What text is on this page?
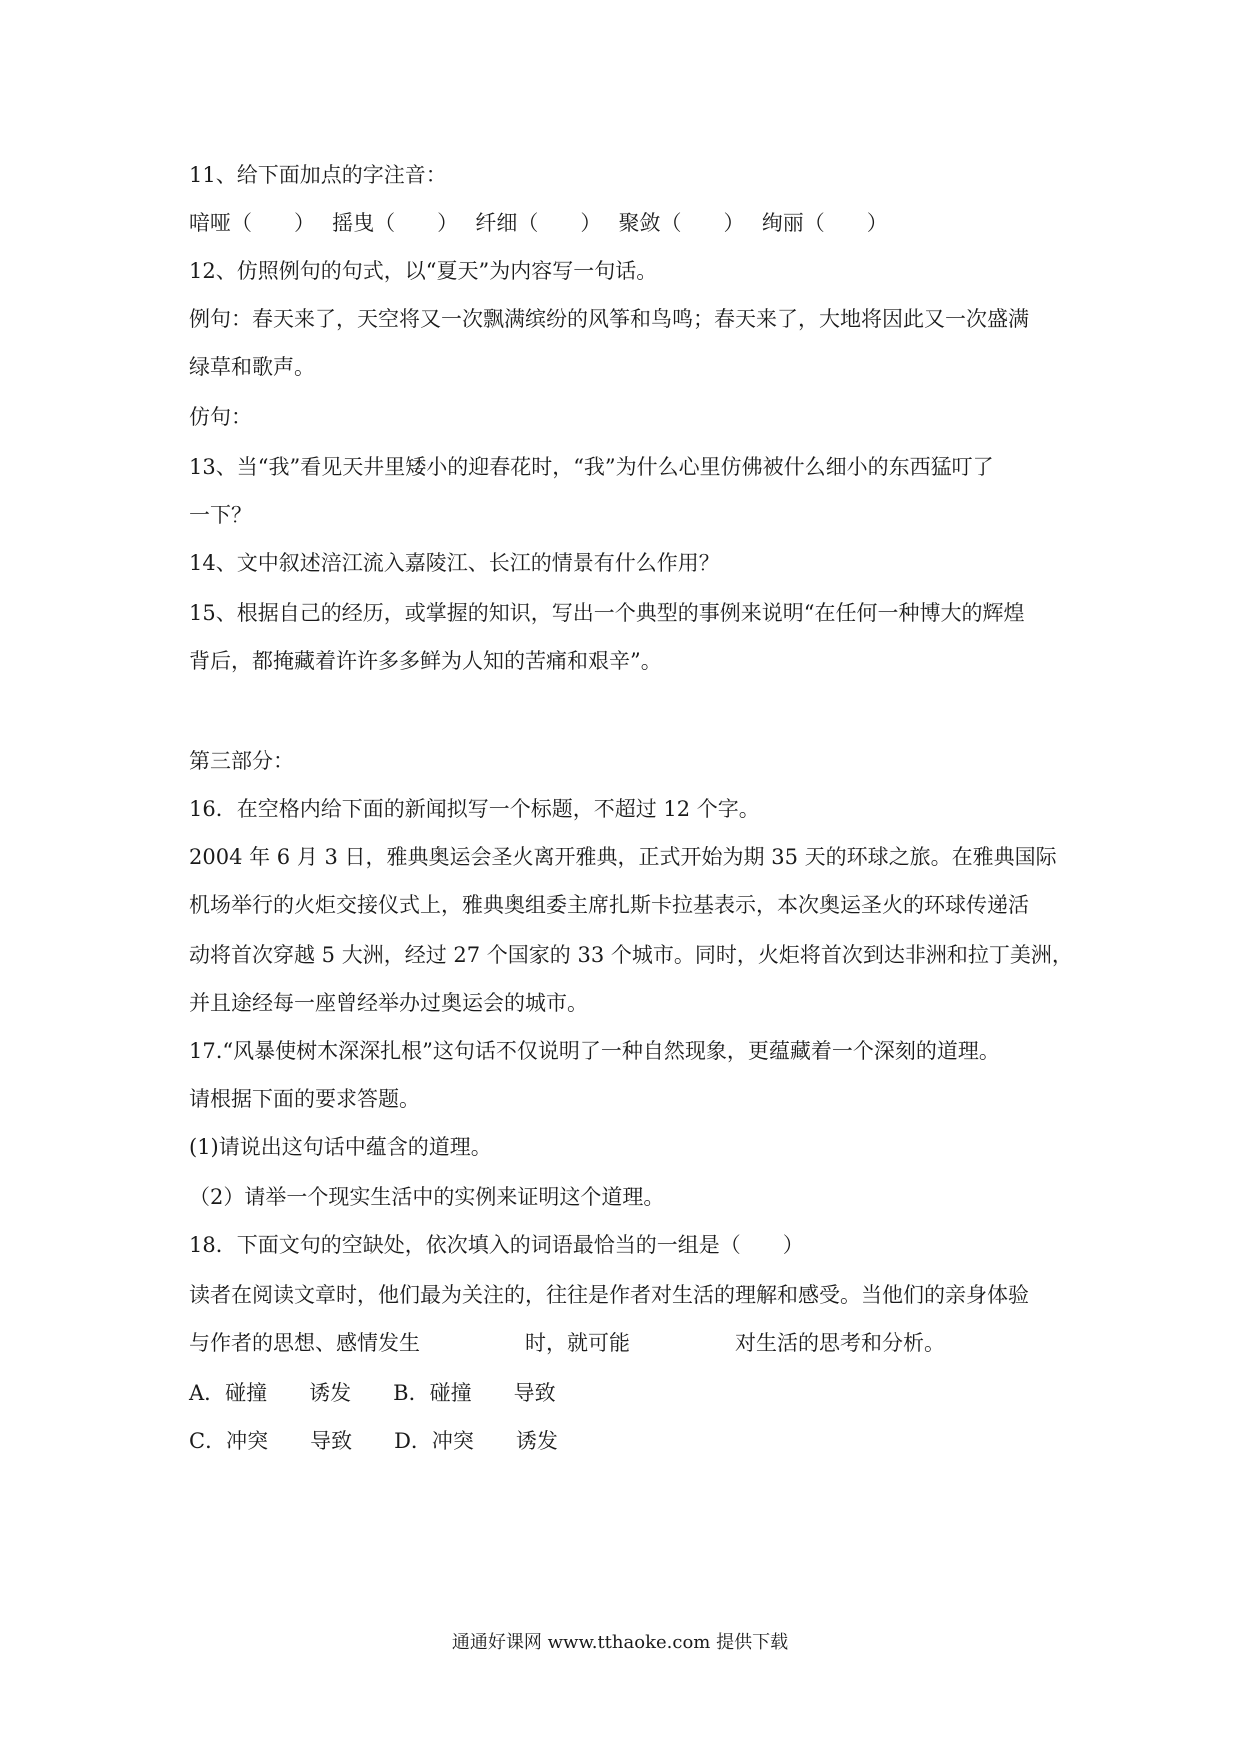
11、给下面加点的字注音：
喑哑（　　）　 摇曳（　　）　 纤细（　　）　 聚敛（　　）　 绚丽（　　）
12、仿照例句的句式，以“夏天”为内容写一句话。
例句：春天来了，天空将又一次飘满缤纷的风筝和鸟鸣；春天来了，大地将因此又一次盛满
绿草和歌声。
仿句：
13、当“我”看见天井里矮小的迎春花时，“我”为什么心里仿佛被什么细小的东西猛叮了
一下？
14、文中叙述涪江流入嘉陵江、长江的情景有什么作用？
15、根据自己的经历，或掌握的知识，写出一个典型的事例来说明“在任何一种博大的辉煌
背后，都掩藏着许许多多鲜为人知的苦痛和艰辛”。
第三部分：
16．在空格内给下面的新闻拟写一个标题，不超过 12 个字。
2004 年 6 月 3 日，雅典奥运会圣火离开雅典，正式开始为期 35 天的环球之旅。在雅典国际
机场举行的火炬交接仪式上，雅典奥组委主席扎斯卡拉基表示，本次奥运圣火的环球传递活
动将首次穿越 5 大洲，经过 27 个国家的 33 个城市。同时，火炬将首次到达非洲和拉丁美洲，
并且途经每一座曾经举办过奥运会的城市。
17.“风暴使树木深深扎根”这句话不仅说明了一种自然现象，更蕴藏着一个深刻的道理。
请根据下面的要求答题。
(1)请说出这句话中蕴含的道理。
（2）请举一个现实生活中的实例来证明这个道理。
18．下面文句的空缺处，依次填入的词语最恰当的一组是（　　）
读者在阅读文章时，他们最为关注的，往往是作者对生活的理解和感受。当他们的亲身体验
与作者的思想、感情发生　　　　　时，就可能　　　　　对生活的思考和分析。
A．碰撞　　诱发　　B．碰撞　　导致
C．冲突　　导致　　D．冲突　　诱发
通通好课网 www.tthaoke.com 提供下载
